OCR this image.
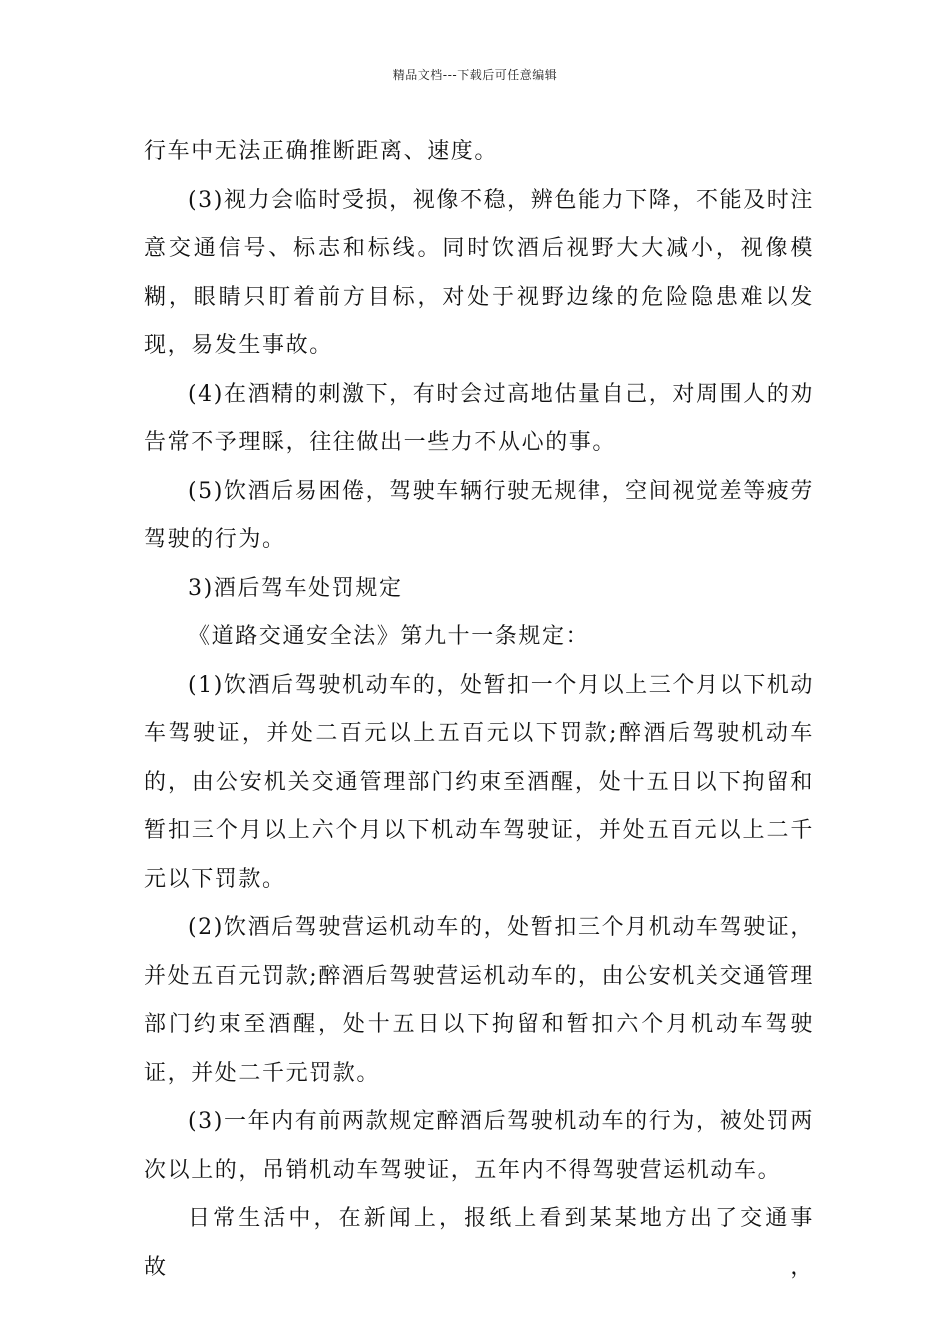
精品文档---下载后可任意编辑

行车中无法正确推断距离、速度。

(3)视力会临时受损，视像不稳，辨色能力下降，不能及时注意交通信号、标志和标线。同时饮酒后视野大大减小，视像模糊，眼睛只盯着前方目标，对处于视野边缘的危险隐患难以发现，易发生事故。

(4)在酒精的刺激下，有时会过高地估量自己，对周围人的劝告常不予理睬，往往做出一些力不从心的事。

(5)饮酒后易困倦，驾驶车辆行驶无规律，空间视觉差等疲劳驾驶的行为。

3)酒后驾车处罚规定

《道路交通安全法》第九十一条规定：

(1)饮酒后驾驶机动车的，处暂扣一个月以上三个月以下机动车驾驶证，并处二百元以上五百元以下罚款;醉酒后驾驶机动车的，由公安机关交通管理部门约束至酒醒，处十五日以下拘留和暂扣三个月以上六个月以下机动车驾驶证，并处五百元以上二千元以下罚款。

(2)饮酒后驾驶营运机动车的，处暂扣三个月机动车驾驶证，并处五百元罚款;醉酒后驾驶营运机动车的，由公安机关交通管理部门约束至酒醒，处十五日以下拘留和暂扣六个月机动车驾驶证，并处二千元罚款。

(3)一年内有前两款规定醉酒后驾驶机动车的行为，被处罚两次以上的，吊销机动车驾驶证，五年内不得驾驶营运机动车。

日常生活中，在新闻上，报纸上看到某某地方出了交通事故，
